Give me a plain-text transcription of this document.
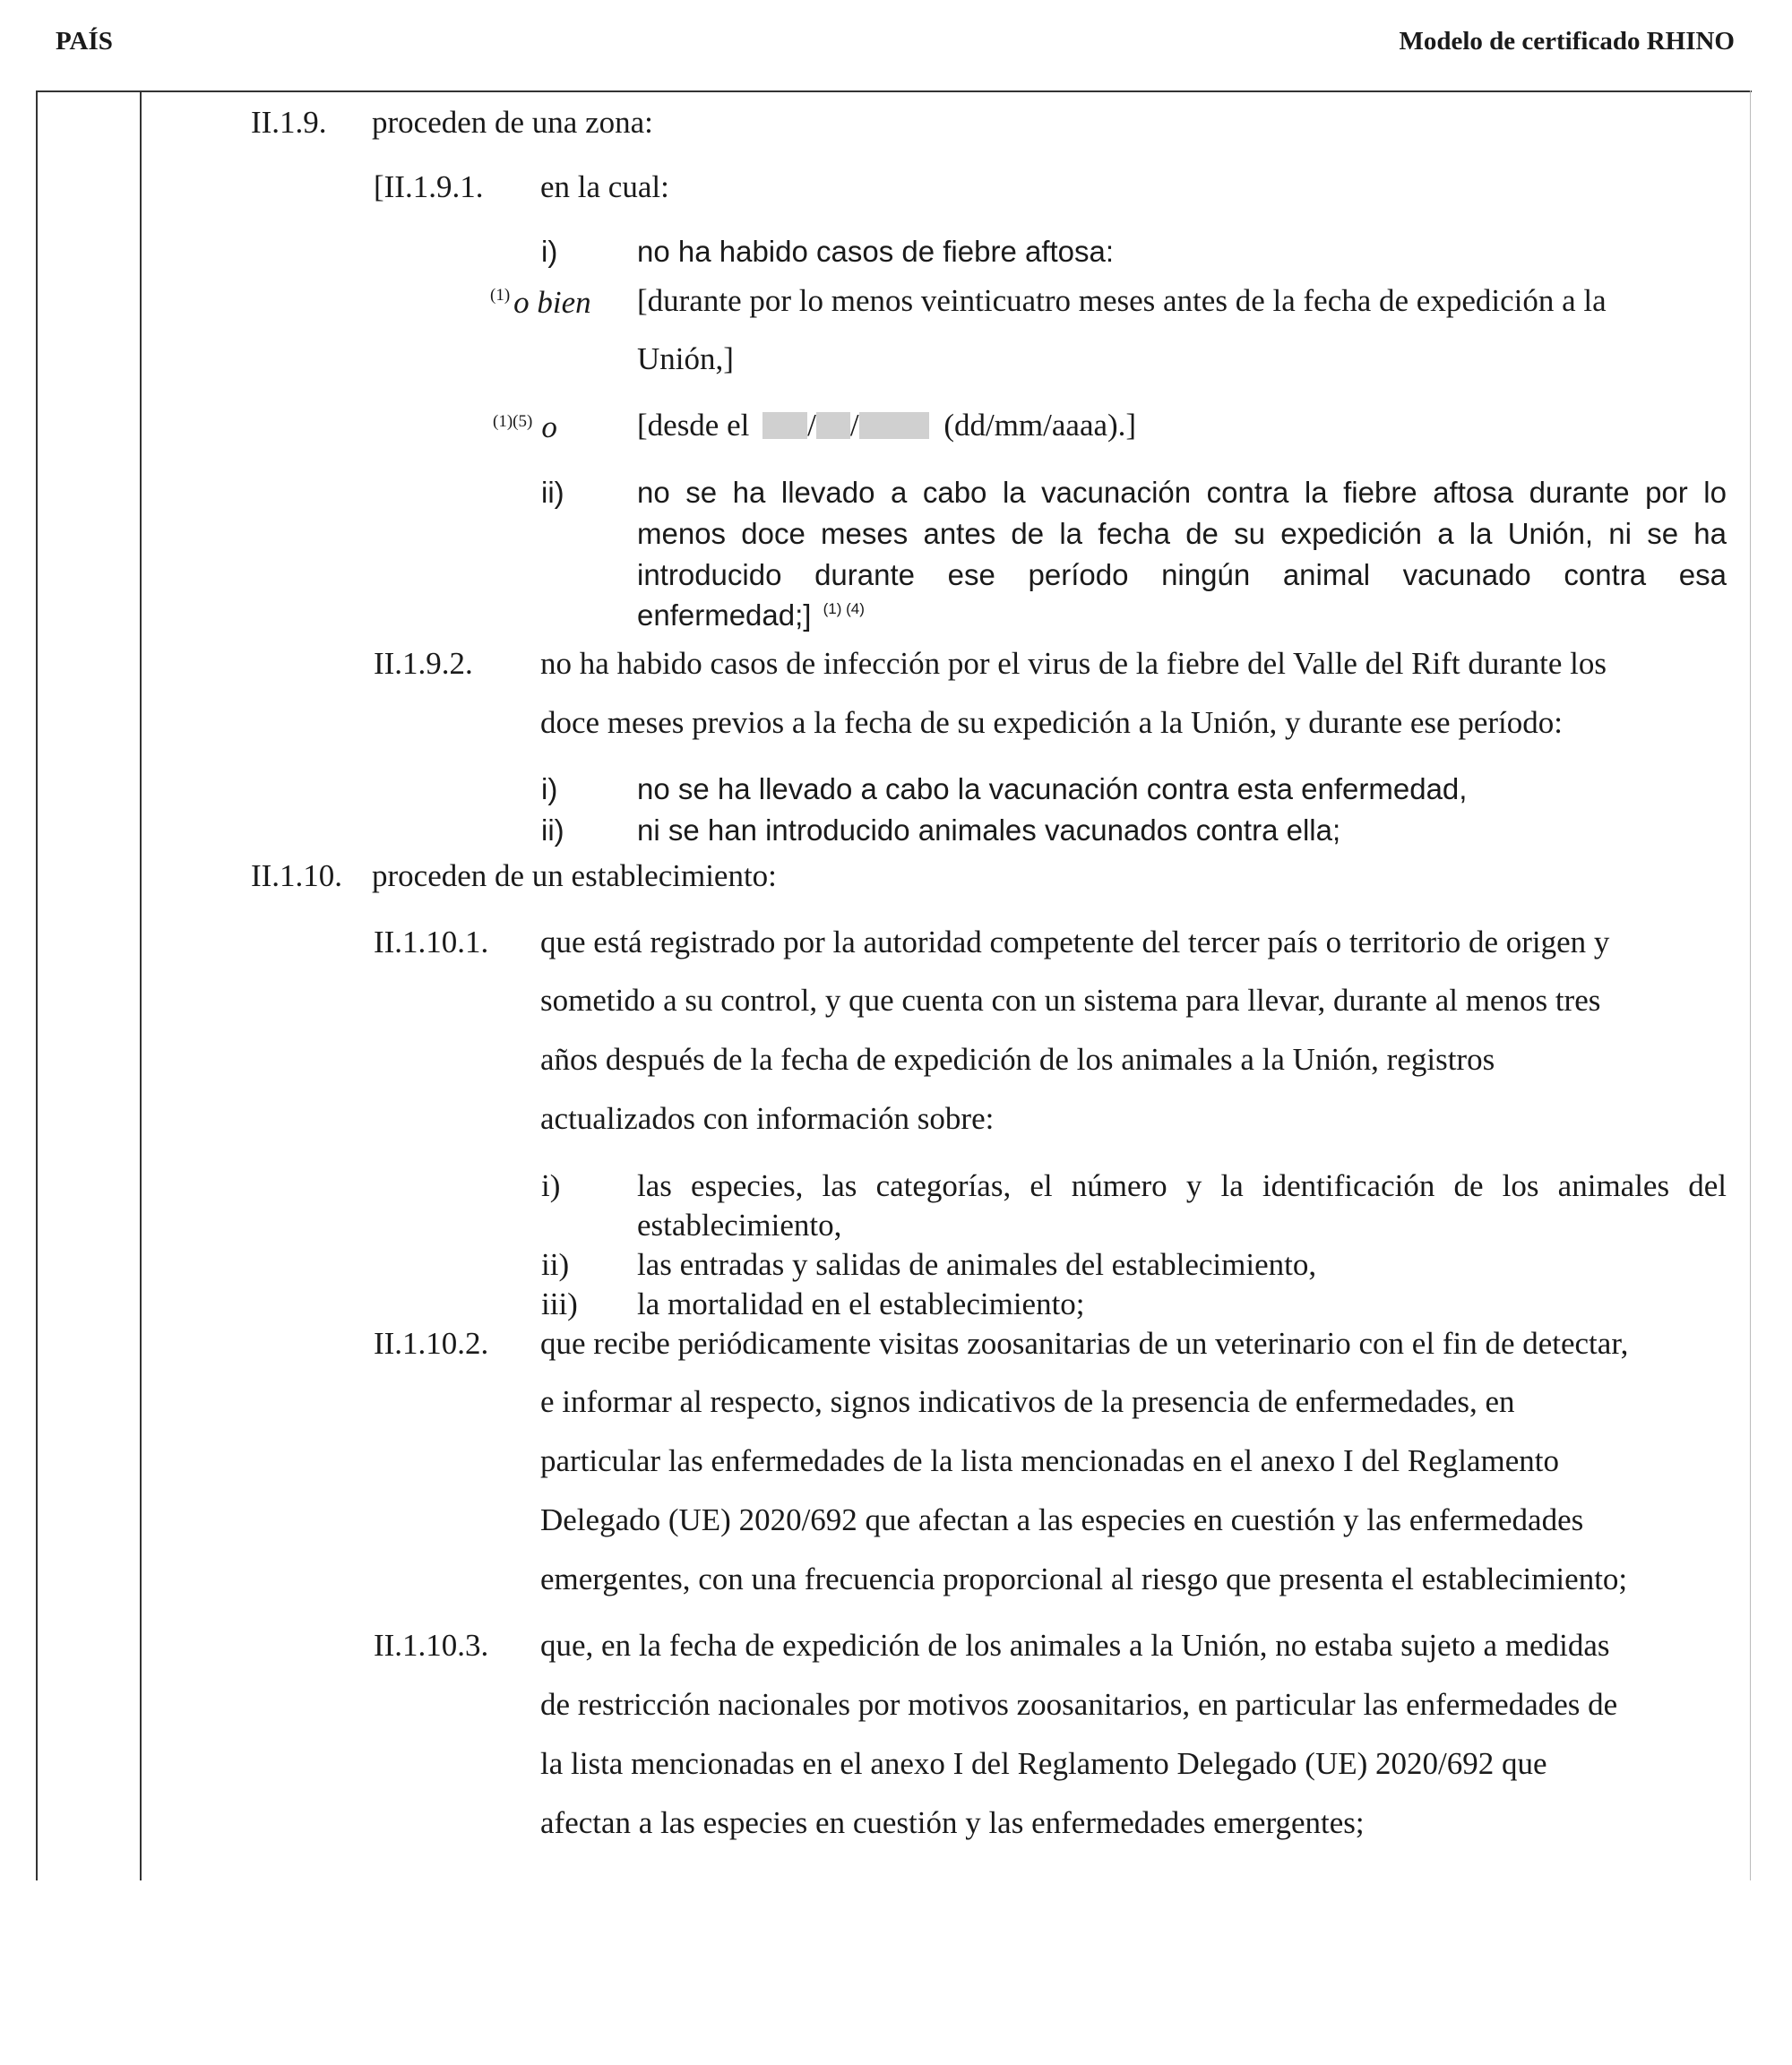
PAÍS	Modelo de certificado RHINO
II.1.9. proceden de una zona:
[II.1.9.1. en la cual:
i)	no ha habido casos de fiebre aftosa:
(1) o bien [durante por lo menos veinticuatro meses antes de la fecha de expedición a la
Unión,]
(1)(5) o	[desde el / /	(dd/mm/aaaa).]
ii) no se ha llevado a cabo la vacunación contra la fiebre aftosa durante por lo
menos doce meses antes de la fecha de su expedición a la Unión, ni se ha
introducido durante ese período ningún animal vacunado contra esa
enfermedad;] $^{(1) (4)}$
II.1.9.2. no ha habido casos de infección por el virus de la fiebre del Valle del Rift durante los
doce meses previos a la fecha de su expedición a la Unión, y durante ese período:
i)	no se ha llevado a cabo la vacunación contra esta enfermedad,
ii) ni se han introducido animales vacunados contra ella;
II.1.10. proceden de un establecimiento:
II.1.10.1. que está registrado por la autoridad competente del tercer país o territorio de origen y
sometido a su control, y que cuenta con un sistema para llevar, durante al menos tres
años después de la fecha de expedición de los animales a la Unión, registros
actualizados con información sobre:
i) las especies, las categorías, el número y la identificación de los animales del
establecimiento,
ii) las entradas y salidas de animales del establecimiento,
iii) la mortalidad en el establecimiento;
II.1.10.2. que recibe periódicamente visitas zoosanitarias de un veterinario con el fin de detectar,
e informar al respecto, signos indicativos de la presencia de enfermedades, en
particular las enfermedades de la lista mencionadas en el anexo I del Reglamento
Delegado (UE) 2020/692 que afectan a las especies en cuestión y las enfermedades
emergentes, con una frecuencia proporcional al riesgo que presenta el establecimiento;
II.1.10.3. que, en la fecha de expedición de los animales a la Unión, no estaba sujeto a medidas
de restricción nacionales por motivos zoosanitarios, en particular las enfermedades de
la lista mencionadas en el anexo I del Reglamento Delegado (UE) 2020/692 que
afectan a las especies en cuestión y las enfermedades emergentes;
